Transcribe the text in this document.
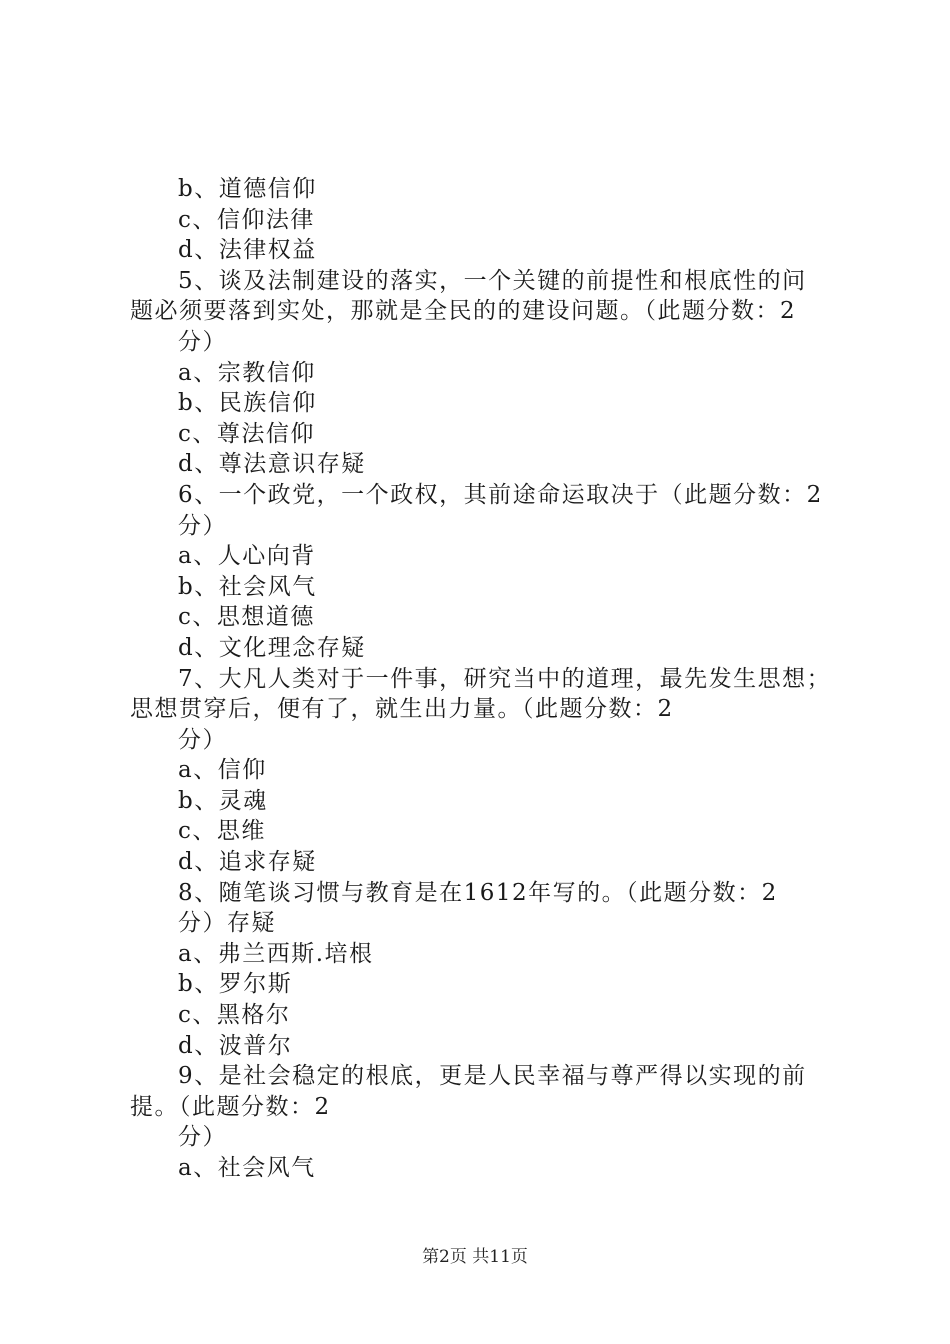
b、道德信仰
c、信仰法律
d、法律权益
5、谈及法制建设的落实，一个关键的前提性和根底性的问
题必须要落到实处，那就是全民的的建设问题。（此题分数：2
分）
a、宗教信仰
b、民族信仰
c、尊法信仰
d、尊法意识存疑
6、一个政党，一个政权，其前途命运取决于（此题分数：2
分）
a、人心向背
b、社会风气
c、思想道德
d、文化理念存疑
7、大凡人类对于一件事，研究当中的道理，最先发生思想；
思想贯穿后，便有了，就生出力量。（此题分数：2
分）
a、信仰
b、灵魂
c、思维
d、追求存疑
8、随笔谈习惯与教育是在1612年写的。（此题分数：2
分）存疑
a、弗兰西斯.培根
b、罗尔斯
c、黑格尔
d、波普尔
9、是社会稳定的根底，更是人民幸福与尊严得以实现的前
提。（此题分数：2
分）
a、社会风气
第2页 共11页
